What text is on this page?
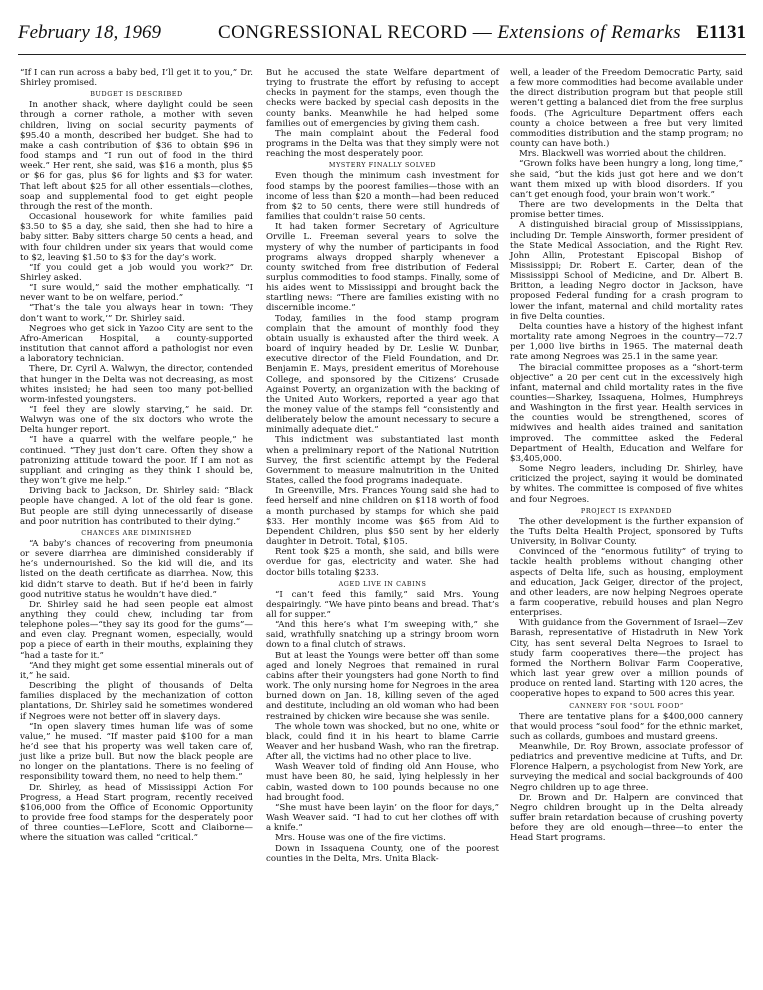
February 18, 1969	CONGRESSIONAL RECORD — Extensions of Remarks E1131

“If I can run across a baby bed, I’ll get it to you,” Dr. Shirley promised.

BUDGET IS DESCRIBED

In another shack, where daylight could be seen through a corner rathole, a mother with seven children, living on social security payments of $95.40 a month, described her budget. She had to make a cash contribution of $36 to obtain $96 in food stamps and “I run out of food in the third week.” Her rent, she said, was $16 a month, plus $5 or $6 for gas, plus $6 for lights and $3 for water. That left about $25 for all other essentials—clothes, soap and supplemental food to get eight people through the rest of the month.

Occasional housework for white families paid $3.50 to $5 a day, she said, then she had to hire a baby sitter. Baby sitters charge 50 cents a head, and with four children under six years that would come to $2, leaving $1.50 to $3 for the day’s work.

“If you could get a job would you work?” Dr. Shirley asked.

“I sure would,” said the mother emphatically. “I never want to be on welfare, period.”

“That’s the tale you always hear in town: ‘They don’t want to work,’” Dr. Shirley said.

Negroes who get sick in Yazoo City are sent to the Afro-American Hospital, a county-supported institution that cannot afford a pathologist nor even a laboratory technician.

There, Dr. Cyril A. Walwyn, the director, contended that hunger in the Delta was not decreasing, as most whites insisted; he had seen too many pot-bellied worm-infested youngsters.

“I feel they are slowly starving,” he said. Dr. Walwyn was one of the six doctors who wrote the Delta hunger report.

“I have a quarrel with the welfare people,” he continued. “They just don’t care. Often they show a patronizing attitude toward the poor. If I am not as suppliant and cringing as they think I should be, they won’t give me help.”

Driving back to Jackson, Dr. Shirley said: “Black people have changed. A lot of the old fear is gone. But people are still dying unnecessarily of disease and poor nutrition has contributed to their dying.”

CHANCES ARE DIMINISHED

“A baby’s chances of recovering from pneumonia or severe diarrhea are diminished considerably if he’s undernourished. So the kid will die, and its listed on the death certificate as diarrhea. Now, this kid didn’t starve to death. But if he’d been in fairly good nutritive status he wouldn’t have died.”

Dr. Shirley said he had seen people eat almost anything they could chew, including tar from telephone poles—“they say its good for the gums”—and even clay. Pregnant women, especially, would pop a piece of earth in their mouths, explaining they “had a taste for it.”

“And they might get some essential minerals out of it,” he said.

Describing the plight of thousands of Delta families displaced by the mechanization of cotton plantations, Dr. Shirley said he sometimes wondered if Negroes were not better off in slavery days.

“In open slavery times human life was of some value,” he mused. “If master paid $100 for a man he’d see that his property was well taken care of, just like a prize bull. But now the black people are no longer on the plantations. There is no feeling of responsibility toward them, no need to help them.”

Dr. Shirley, as head of Mississippi Action For Progress, a Head Start program, recently received $106,000 from the Office of Economic Opportunity to provide free food stamps for the desperately poor of three counties—LeFlore, Scott and Claiborne—where the situation was called “critical.”

But he accused the state Welfare department of trying to frustrate the effort by refusing to accept checks in payment for the stamps, even though the checks were backed by special cash deposits in the county banks. Meanwhile he had helped some families out of emergencies by giving them cash.

The main complaint about the Federal food programs in the Delta was that they simply were not reaching the most desperately poor.

MYSTERY FINALLY SOLVED

Even though the minimum cash investment for food stamps by the poorest families—those with an income of less than $20 a month—had been reduced from $2 to 50 cents, there were still hundreds of families that couldn’t raise 50 cents.

It had taken former Secretary of Agriculture Orville L. Freeman several years to solve the mystery of why the number of participants in food programs always dropped sharply whenever a county switched from free distribution of Federal surplus commodities to food stamps. Finally, some of his aides went to Mississippi and brought back the startling news: “There are families existing with no discernible income.”

Today, families in the food stamp program complain that the amount of monthly food they obtain usually is exhausted after the third week. A board of inquiry headed by Dr. Leslie W. Dunbar, executive director of the Field Foundation, and Dr. Benjamin E. Mays, president emeritus of Morehouse College, and sponsored by the Citizens’ Crusade Against Poverty, an organization with the backing of the United Auto Workers, reported a year ago that the money value of the stamps fell “consistently and deliberately below the amount necessary to secure a minimally adequate diet.”

This indictment was substantiated last month when a preliminary report of the National Nutrition Survey, the first scientific attempt by the Federal Government to measure malnutrition in the United States, called the food programs inadequate.

In Greenville, Mrs. Frances Young said she had to feed herself and nine children on $118 worth of food a month purchased by stamps for which she paid $33. Her monthly income was $65 from Aid to Dependent Children, plus $50 sent by her elderly daughter in Detroit. Total, $105.

Rent took $25 a month, she said, and bills were overdue for gas, electricity and water. She had doctor bills totaling $233.

AGED LIVE IN CABINS

“I can’t feed this family,” said Mrs. Young despairingly. “We have pinto beans and bread. That’s all for supper.”

“And this here’s what I’m sweeping with,” she said, wrathfully snatching up a stringy broom worn down to a final clutch of straws.

But at least the Youngs were better off than some aged and lonely Negroes that remained in rural cabins after their youngsters had gone North to find work. The only nursing home for Negroes in the area burned down on Jan. 18, killing seven of the aged and destitute, including an old woman who had been restrained by chicken wire because she was senile.

The whole town was shocked, but no one, white or black, could find it in his heart to blame Carrie Weaver and her husband Wash, who ran the firetrap. After all, the victims had no other place to live.

Wash Weaver told of finding old Ann House, who must have been 80, he said, lying helplessly in her cabin, wasted down to 100 pounds because no one had brought food.

“She must have been layin’ on the floor for days,” Wash Weaver said. “I had to cut her clothes off with a knife.”

Mrs. House was one of the fire victims.

Down in Issaquena County, one of the poorest counties in the Delta, Mrs. Unita Black-

well, a leader of the Freedom Democratic Party, said a few more commodities had become available under the direct distribution program but that people still weren’t getting a balanced diet from the free surplus foods. (The Agriculture Department offers each county a choice between a free but very limited commodities distribution and the stamp program; no county can have both.)

Mrs. Blackwell was worried about the children.

“Grown folks have been hungry a long, long time,” she said, “but the kids just got here and we don’t want them mixed up with blood disorders. If you can’t get enough food, your brain won’t work.”

There are two developments in the Delta that promise better times.

A distinguished biracial group of Mississippians, including Dr. Temple Ainsworth, former president of the State Medical Association, and the Right Rev. John Allin, Protestant Episcopal Bishop of Mississippi; Dr. Robert E. Carter, dean of the Mississippi School of Medicine, and Dr. Albert B. Britton, a leading Negro doctor in Jackson, have proposed Federal funding for a crash program to lower the infant, maternal and child mortality rates in five Delta counties.

Delta counties have a history of the highest infant mortality rate among Negroes in the country—72.7 per 1,000 live births in 1965. The maternal death rate among Negroes was 25.1 in the same year.

The biracial committee proposes as a “short-term objective” a 20 per cent cut in the excessively high infant, maternal and child mortality rates in the five counties—Sharkey, Issaquena, Holmes, Humphreys and Washington in the first year. Health services in the counties would be strengthened, scores of midwives and health aides trained and sanitation improved. The committee asked the Federal Department of Health, Education and Welfare for $3,405,000.

Some Negro leaders, including Dr. Shirley, have criticized the project, saying it would be dominated by whites. The committee is composed of five whites and four Negroes.

PROJECT IS EXPANDED

The other development is the further expansion of the Tufts Delta Health Project, sponsored by Tufts University, in Bolivar County.

Convinced of the “enormous futility” of trying to tackle health problems without changing other aspects of Delta life, such as housing, employment and education, Jack Geiger, director of the project, and other leaders, are now helping Negroes operate a farm cooperative, rebuild houses and plan Negro enterprises.

With guidance from the Government of Israel—Zev Barash, representative of Histadruth in New York City, has sent several Delta Negroes to Israel to study farm cooperatives there—the project has formed the Northern Bolivar Farm Cooperative, which last year grew over a million pounds of produce on rented land. Starting with 120 acres, the cooperative hopes to expand to 500 acres this year.

CANNERY FOR “SOUL FOOD”

There are tentative plans for a $400,000 cannery that would process “soul food” for the ethnic market, such as collards, gumboes and mustard greens.

Meanwhile, Dr. Roy Brown, associate professor of pediatrics and preventive medicine at Tufts, and Dr. Florence Halpern, a psychologist from New York, are surveying the medical and social backgrounds of 400 Negro children up to age three.

Dr. Brown and Dr. Halpern are convinced that Negro children brought up in the Delta already suffer brain retardation because of crushing poverty before they are old enough—three—to enter the Head Start programs.
